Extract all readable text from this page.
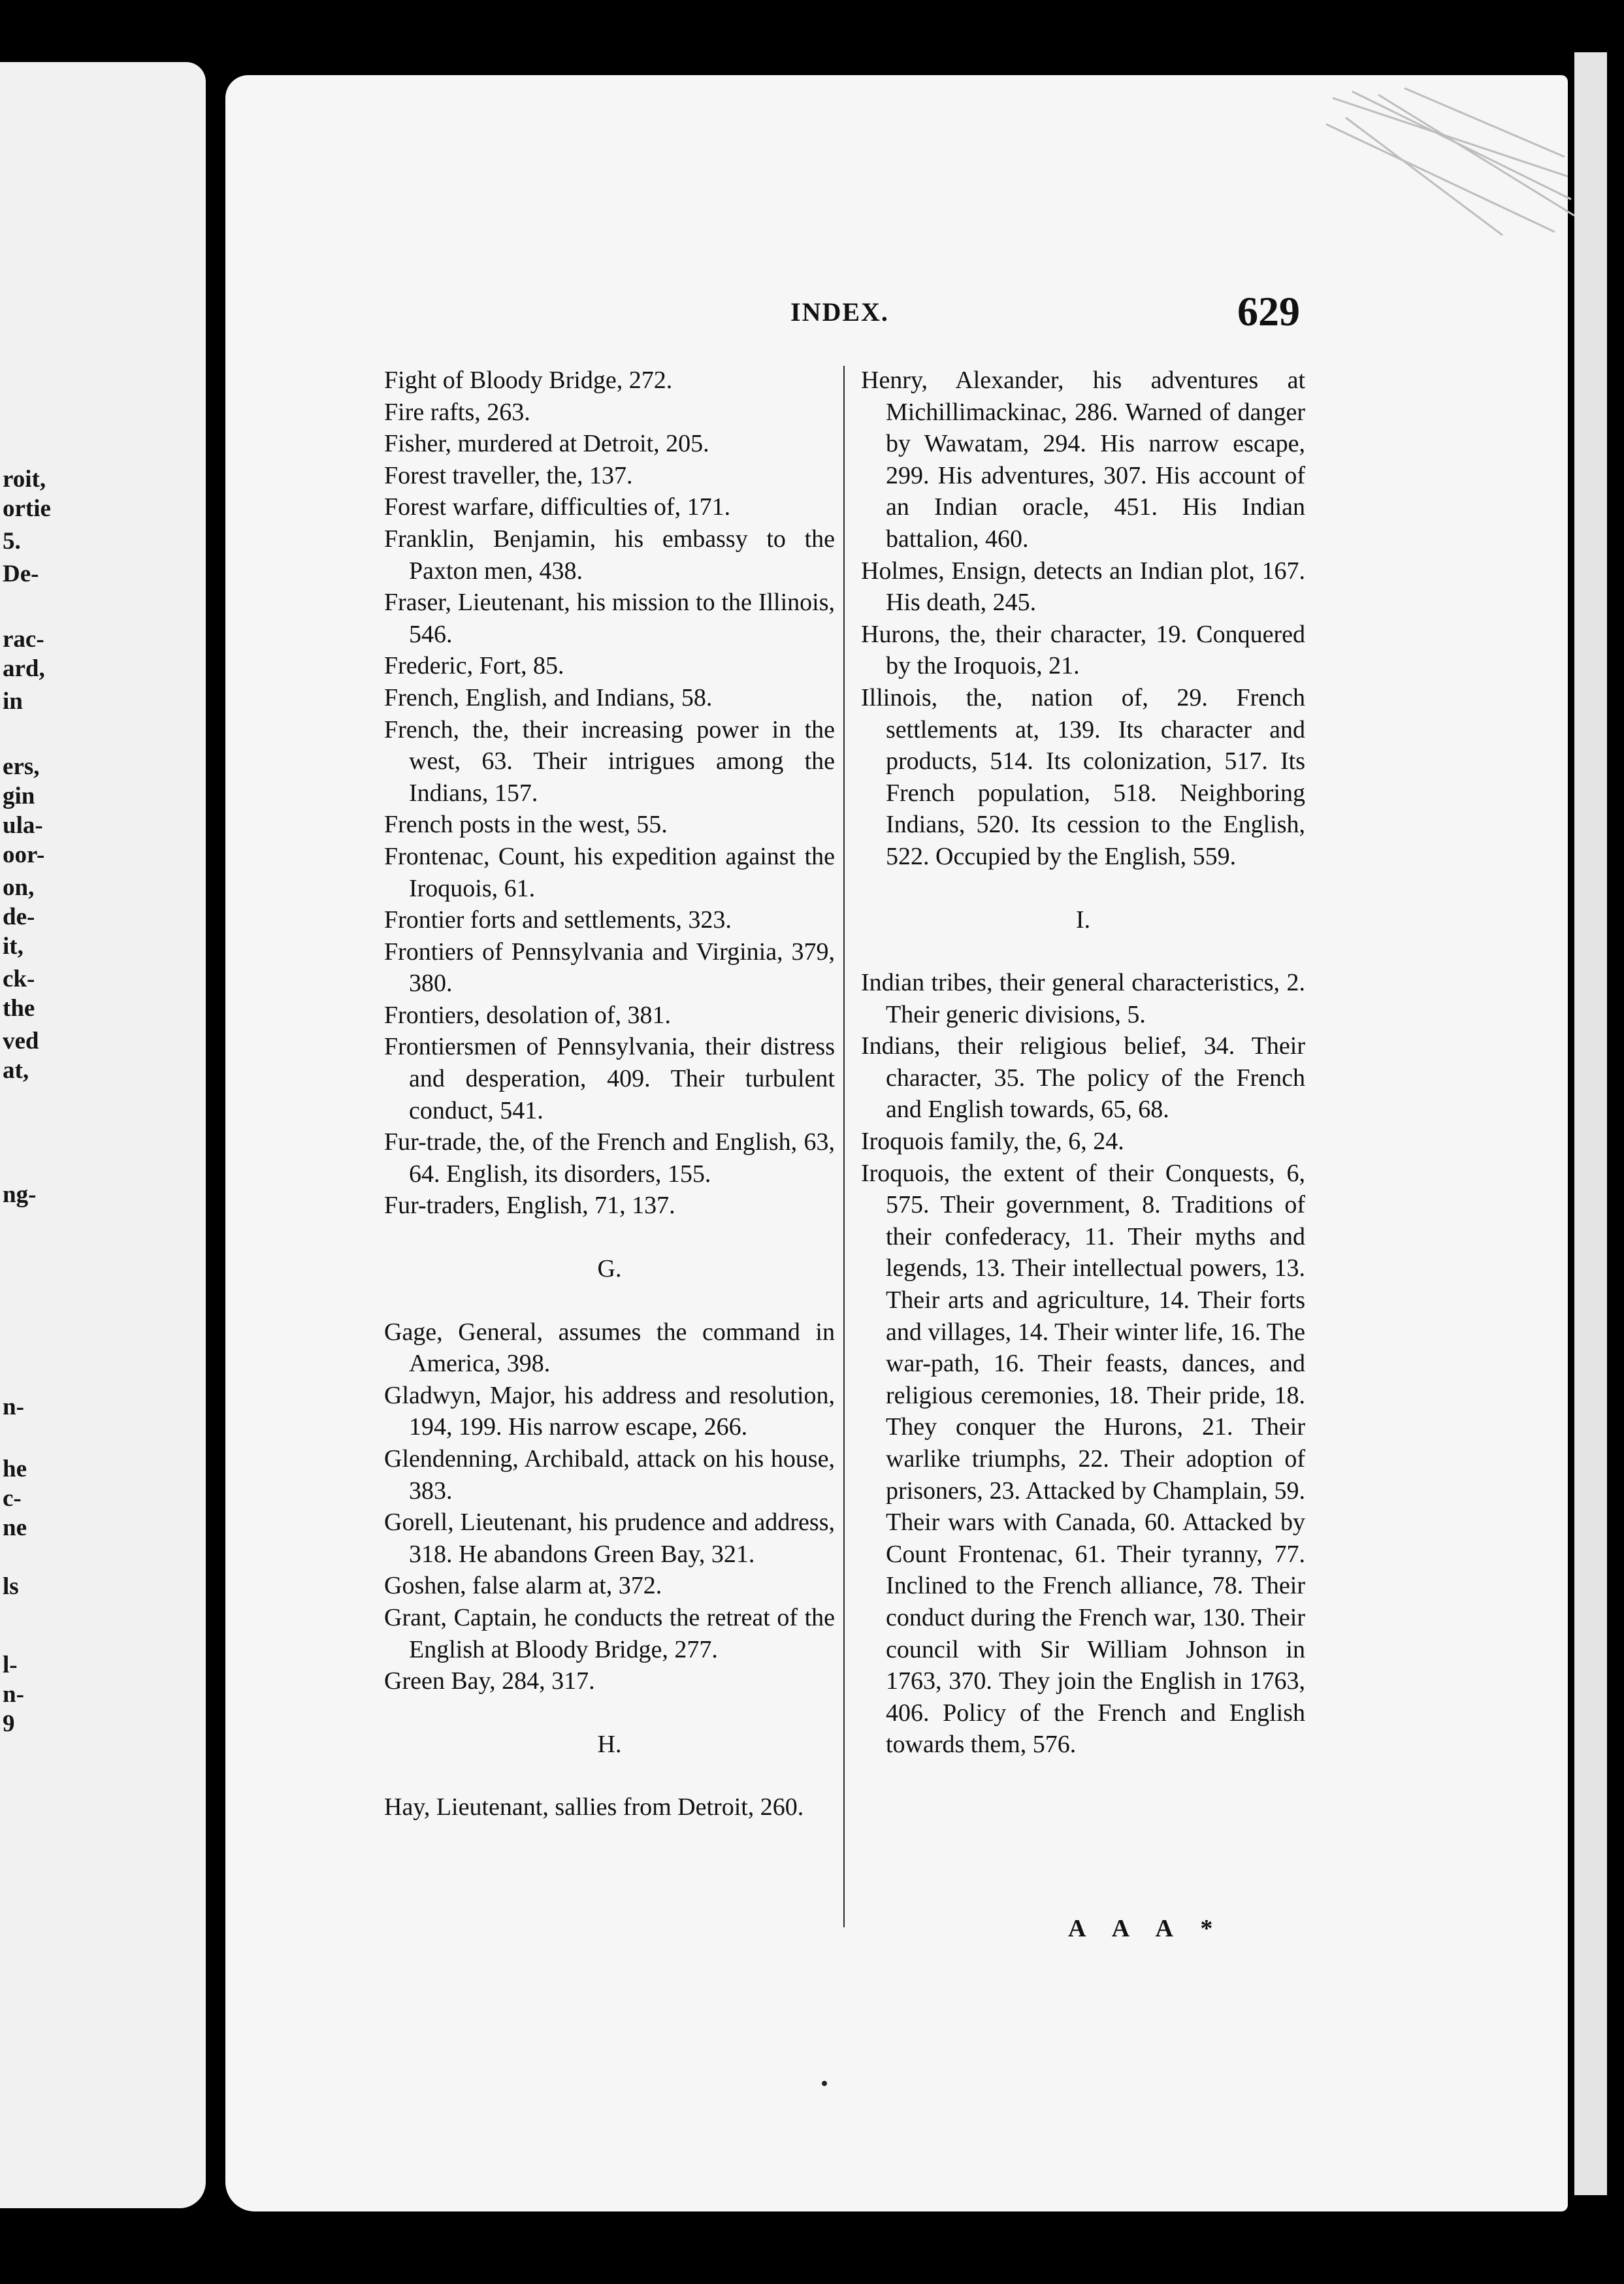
roit,
ortie
5.
De-
rac-
ard,
in
ers,
gin
ula-
oor-
on,
de-
it,
ck-
the
ved
at,
ng-
n-
he
c-
ne
ls
l-
n-
9
INDEX.	629

Fight of Bloody Bridge, 272.

Fire rafts, 263.

Fisher, murdered at Detroit, 205.

Forest traveller, the, 137.

Forest warfare, difficulties of, 171.

Franklin, Benjamin, his embassy to the Paxton men, 438.

Fraser, Lieutenant, his mission to the Illinois, 546.

Frederic, Fort, 85.

French, English, and Indians, 58.

French, the, their increasing power in the west, 63. Their intrigues among the Indians, 157.

French posts in the west, 55.

Frontenac, Count, his expedition against the Iroquois, 61.

Frontier forts and settlements, 323.

Frontiers of Pennsylvania and Virginia, 379, 380.

Frontiers, desolation of, 381.

Frontiersmen of Pennsylvania, their distress and desperation, 409. Their turbulent conduct, 541.

Fur-trade, the, of the French and English, 63, 64. English, its disorders, 155.

Fur-traders, English, 71, 137.

G.

Gage, General, assumes the command in America, 398.

Gladwyn, Major, his address and resolution, 194, 199. His narrow escape, 266.

Glendenning, Archibald, attack on his house, 383.

Gorell, Lieutenant, his prudence and address, 318. He abandons Green Bay, 321.

Goshen, false alarm at, 372.

Grant, Captain, he conducts the retreat of the English at Bloody Bridge, 277.

Green Bay, 284, 317.

H.

Hay, Lieutenant, sallies from Detroit, 260.

Henry, Alexander, his adventures at Michillimackinac, 286. Warned of danger by Wawatam, 294. His narrow escape, 299. His adventures, 307. His account of an Indian oracle, 451. His Indian battalion, 460.

Holmes, Ensign, detects an Indian plot, 167. His death, 245.

Hurons, the, their character, 19. Conquered by the Iroquois, 21.

Illinois, the, nation of, 29. French settlements at, 139. Its character and products, 514. Its colonization, 517. Its French population, 518. Neighboring Indians, 520. Its cession to the English, 522. Occupied by the English, 559.

I.

Indian tribes, their general characteristics, 2. Their generic divisions, 5.

Indians, their religious belief, 34. Their character, 35. The policy of the French and English towards, 65, 68.

Iroquois family, the, 6, 24.

Iroquois, the extent of their Conquests, 6, 575. Their government, 8. Traditions of their confederacy, 11. Their myths and legends, 13. Their intellectual powers, 13. Their arts and agriculture, 14. Their forts and villages, 14. Their winter life, 16. The war-path, 16. Their feasts, dances, and religious ceremonies, 18. Their pride, 18. They conquer the Hurons, 21. Their warlike triumphs, 22. Their adoption of prisoners, 23. Attacked by Champlain, 59. Their wars with Canada, 60. Attacked by Count Frontenac, 61. Their tyranny, 77. Inclined to the French alliance, 78. Their conduct during the French war, 130. Their council with Sir William Johnson in 1763, 370. They join the English in 1763, 406. Policy of the French and English towards them, 576.

A A A *
